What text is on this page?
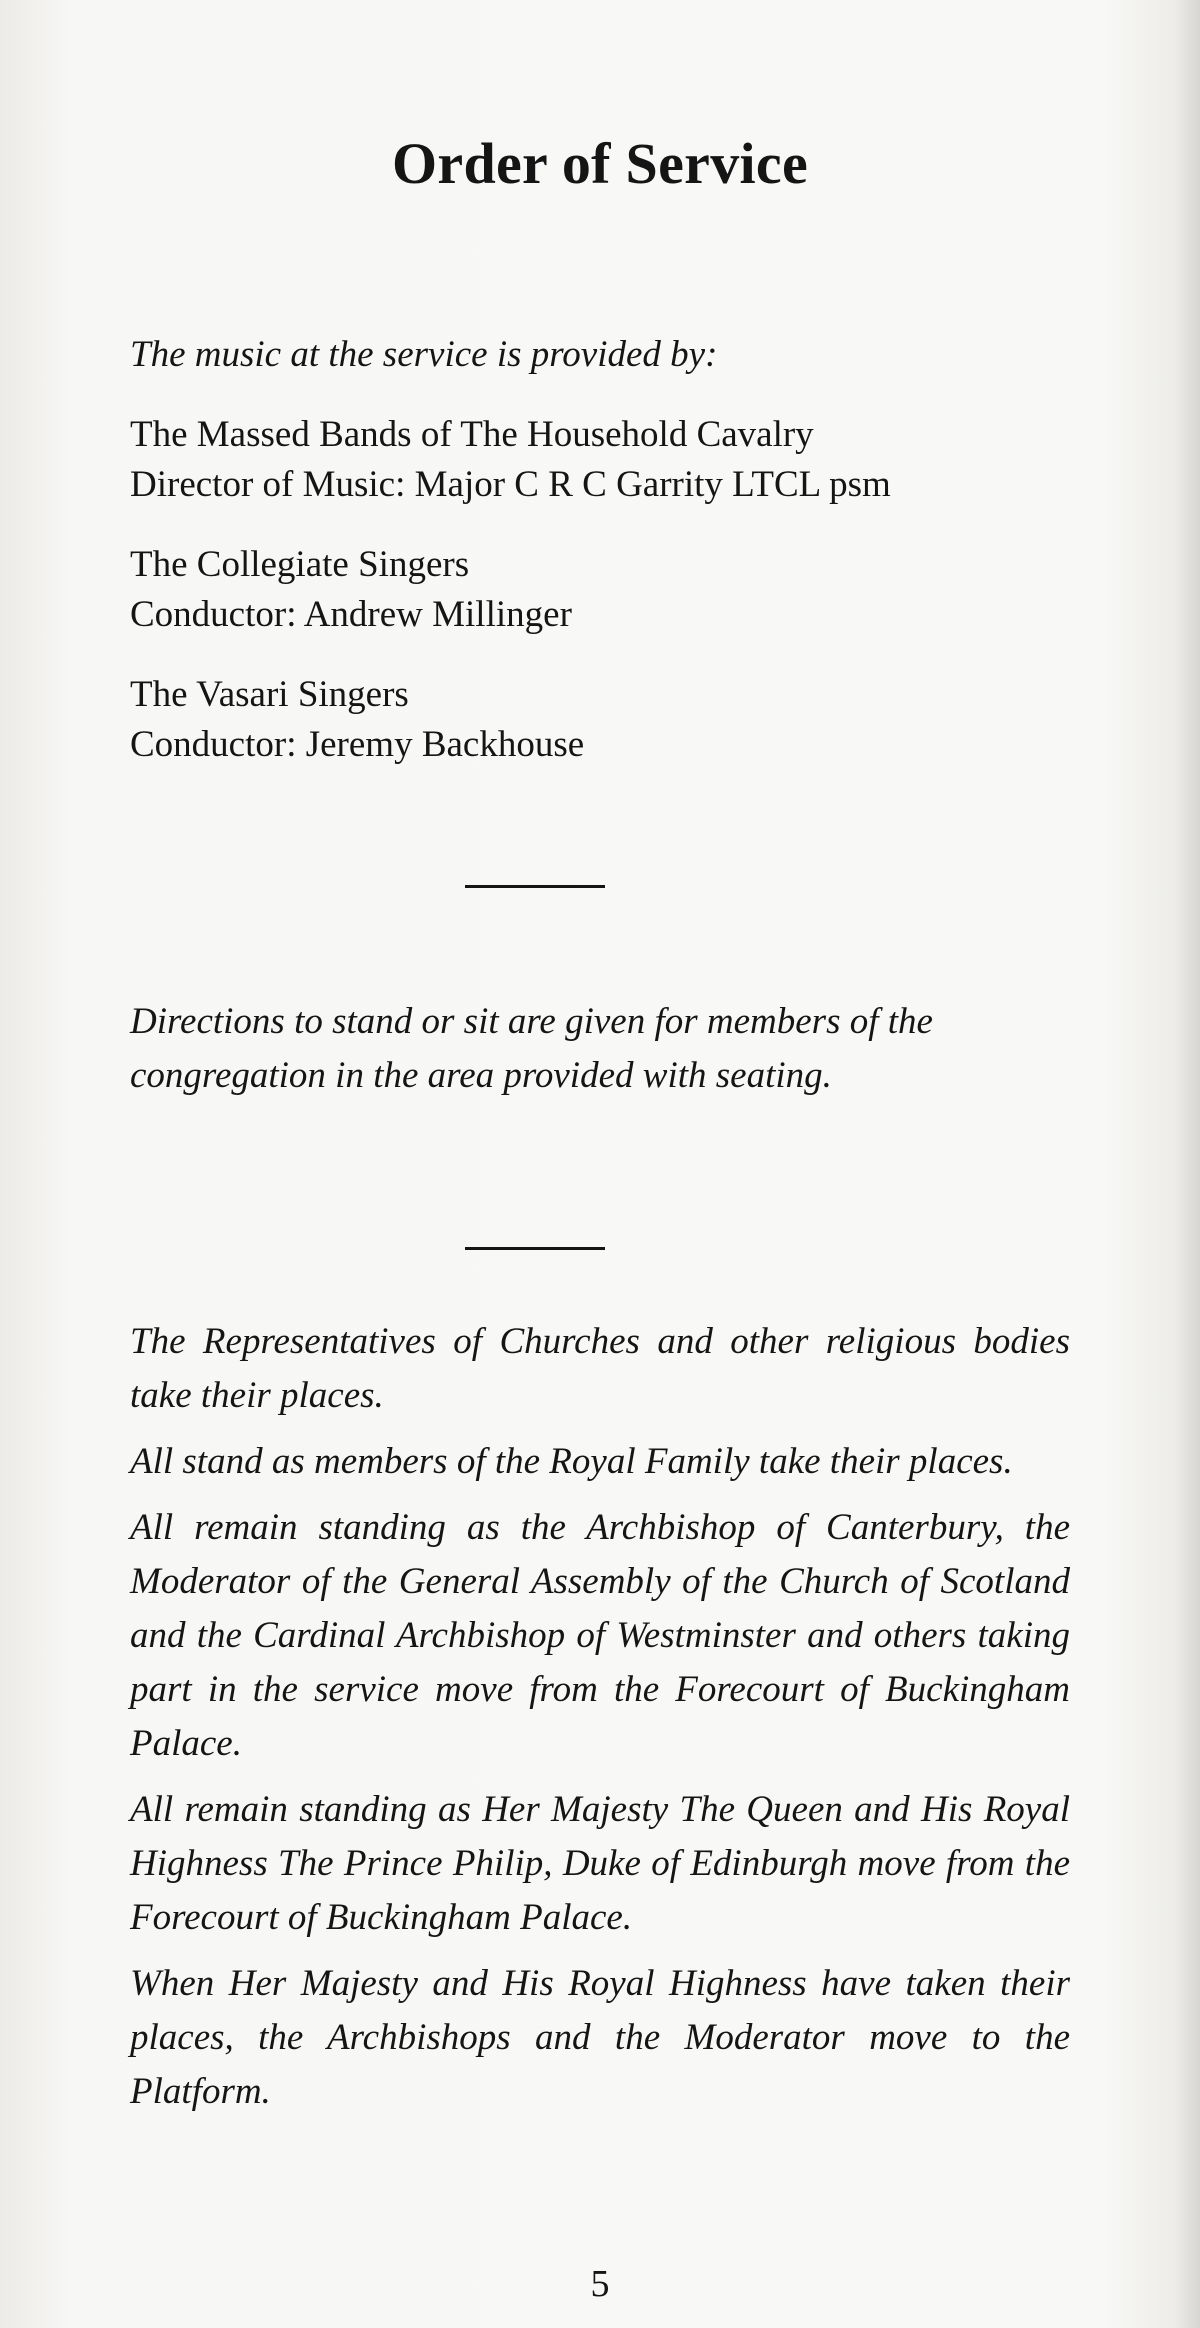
Order of Service

The music at the service is provided by:

The Massed Bands of The Household Cavalry
Director of Music: Major C R C Garrity LTCL psm
The Collegiate Singers
Conductor: Andrew Millinger
The Vasari Singers
Conductor: Jeremy Backhouse

Directions to stand or sit are given for members of the congregation in the area provided with seating.

The Representatives of Churches and other religious bodies take their places.

All stand as members of the Royal Family take their places.

All remain standing as the Archbishop of Canterbury, the Moderator of the General Assembly of the Church of Scotland and the Cardinal Archbishop of Westminster and others taking part in the service move from the Forecourt of Buckingham Palace.

All remain standing as Her Majesty The Queen and His Royal Highness The Prince Philip, Duke of Edinburgh move from the Forecourt of Buckingham Palace.

When Her Majesty and His Royal Highness have taken their places, the Archbishops and the Moderator move to the Platform.

5
